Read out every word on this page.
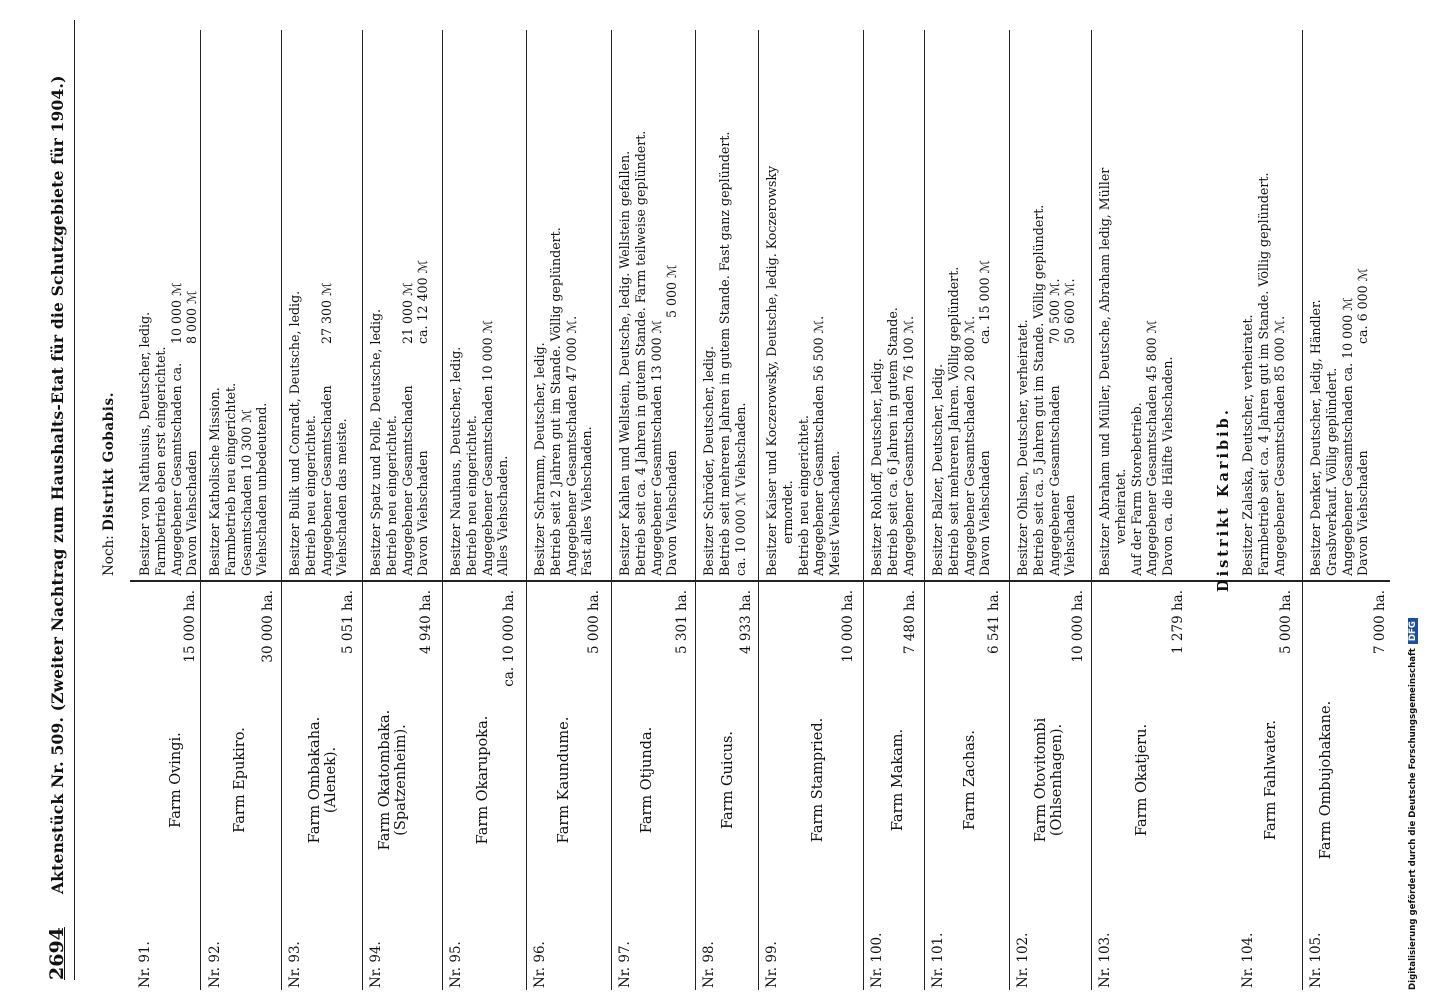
2694
Aktenstück Nr. 509. (Zweiter Nachtrag zum Haushalts-Etat für die Schutzgebiete für 1904.)	Noch: Distrikt Gobabis.	Distrikt Karibib.
Nr. 91.
Farm Ovingi.
15 000 ha.
Besitzer von Nathusius, Deutscher, ledig. Farmbetrieb eben erst eingerichtet. Angegebener Gesamtschaden ca.
10 000 ℳ
Davon Viehschaden
8 000 ℳ
Nr. 92.
Farm Epukiro.
30 000 ha.
Besitzer Katholische Mission. Farmbetrieb neu eingerichtet. Gesamtschaden 10 300 ℳ Viehschaden unbedeutend.
Nr. 93.
Farm Ombakaha. (Alenek).
5 051 ha.
Besitzer Bulik und Conradt, Deutsche, ledig. Betrieb neu eingerichtet. Angegebener Gesamtschaden
27 300 ℳ
Viehschaden das meiste.
Nr. 94.
Farm Okatombaka. (Spatzenheim).
4 940 ha.
Besitzer Spatz und Polle, Deutsche, ledig. Betrieb neu eingerichtet. Angegebener Gesamtschaden
21 000 ℳ
Davon Viehschaden
ca. 12 400 ℳ
Nr. 95.
Farm Okarupoka.
ca. 10 000 ha.
Besitzer Nauhaus, Deutscher, ledig. Betrieb neu eingerichtet. Angegebener Gesamtschaden 10 000 ℳ Alles Viehschaden.
Nr. 96.
Farm Kaundume.
5 000 ha.
Besitzer Schramm, Deutscher, ledig. Betrieb seit 2 Jahren gut im Stande. Völlig geplündert. Angegebener Gesamtschaden 47 000 ℳ. Fast alles Viehschaden.
Nr. 97.
Farm Otjunda.
5 301 ha.
Besitzer Kahlen und Wellstein, Deutsche, ledig. Wellstein gefallen. Betrieb seit ca. 4 Jahren in gutem Stande. Farm teilweise geplündert. Angegebener Gesamtschaden 13 000 ℳ Davon Viehschaden
5 000 ℳ
Nr. 98.
Farm Guicus.
4 933 ha.
Besitzer Schröder, Deutscher, ledig. Betrieb seit mehreren Jahren in gutem Stande. Fast ganz geplündert. ca. 10 000 ℳ Viehschaden.
Nr. 99.
Farm Stampried.
10 000 ha.
Besitzer Kaiser und Koczerowsky, Deutsche, ledig. Koczerowsky ermordet. Betrieb neu eingerichtet. Angegebener Gesamtschaden 56 500 ℳ. Meist Viehschaden.
Nr. 100.
Farm Makam.
7 480 ha.
Besitzer Rohloff, Deutscher, ledig. Betrieb seit ca. 6 Jahren in gutem Stande. Angegebener Gesamtschaden 76 100 ℳ.
Nr. 101.
Farm Zachas.
6 541 ha.
Besitzer Balzer, Deutscher, ledig. Betrieb seit mehreren Jahren. Völlig geplündert. Angegebener Gesamtschaden 20 800 ℳ. Davon Viehschaden
ca. 15 000 ℳ
Nr. 102.
Farm Otovitombi (Ohlsenhagen).
10 000 ha.
Besitzer Ohlsen, Deutscher, verheiratet. Betrieb seit ca. 5 Jahren gut im Stande. Völlig geplündert. Angegebener Gesamtschaden
70 500 ℳ.
Viehschaden
50 600 ℳ.
Nr. 103.
Farm Okatjeru.
1 279 ha.
Besitzer Abraham und Müller, Deutsche, Abraham ledig, Müller verheiratet. Auf der Farm Storebetrieb. Angegebener Gesamtschaden 45 800 ℳ Davon ca. die Hälfte Viehschaden.
Nr. 104.
Farm Fahlwater.
5 000 ha.
Besitzer Zalaska, Deutscher, verheiratet. Farmbetrieb seit ca. 4 Jahren gut im Stande. Völlig geplündert. Angegebener Gesamtschaden 85 000 ℳ.
Nr. 105.
Farm Ombujohakane.
7 000 ha.
Besitzer Denker, Deutscher, ledig, Händler. Grasbverkauf. Völlig geplündert. Angegebener Gesamtschaden ca. 10 000 ℳ Davon Viehschaden
ca. 6 000 ℳ
Digitalisierung gefördert durch die Deutsche ForschungsgemeinschaftDFG
